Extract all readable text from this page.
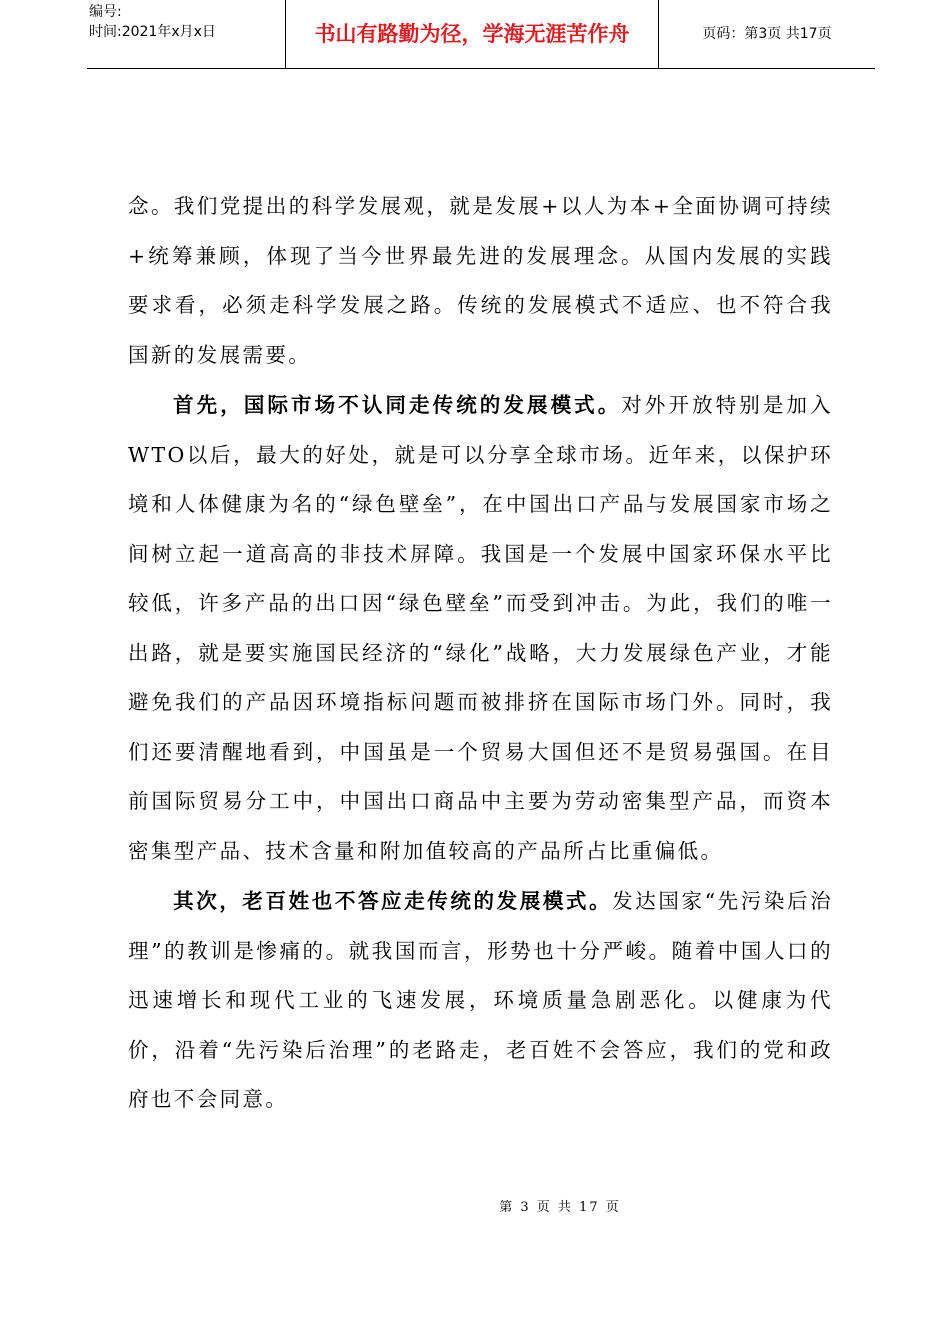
编号:
时间:2021年x月x日	书山有路勤为径，学海无涯苦作舟	页码：第3页 共17页

念。我们党提出的科学发展观，就是发展+以人为本+全面协调可持续+统筹兼顾，体现了当今世界最先进的发展理念。从国内发展的实践要求看，必须走科学发展之路。传统的发展模式不适应、也不符合我国新的发展需要。

首先，国际市场不认同走传统的发展模式。对外开放特别是加入WTO以后，最大的好处，就是可以分享全球市场。近年来，以保护环境和人体健康为名的“绿色壁垒”，在中国出口产品与发展国家市场之间树立起一道高高的非技术屏障。我国是一个发展中国家环保水平比较低，许多产品的出口因“绿色壁垒”而受到冲击。为此，我们的唯一出路，就是要实施国民经济的“绿化”战略，大力发展绿色产业，才能避免我们的产品因环境指标问题而被排挤在国际市场门外。同时，我们还要清醒地看到，中国虽是一个贸易大国但还不是贸易强国。在目前国际贸易分工中，中国出口商品中主要为劳动密集型产品，而资本密集型产品、技术含量和附加值较高的产品所占比重偏低。

其次，老百姓也不答应走传统的发展模式。发达国家“先污染后治理”的教训是惨痛的。就我国而言，形势也十分严峻。随着中国人口的迅速增长和现代工业的飞速发展，环境质量急剧恶化。以健康为代价，沿着“先污染后治理”的老路走，老百姓不会答应，我们的党和政府也不会同意。

第 3 页 共 17 页
